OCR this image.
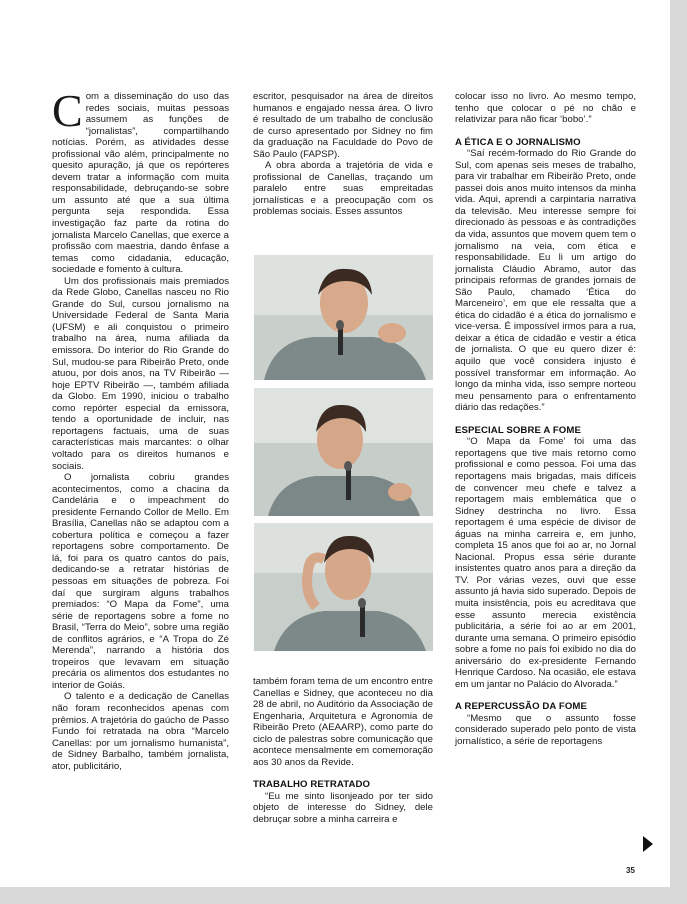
Com a disseminação do uso das redes sociais, muitas pessoas assumem as funções de “jornalistas”, compartilhando notícias. Porém, as atividades desse profissional vão além, principalmente no quesito apuração, já que os repórteres devem tratar a informação com muita responsabilidade, debruçando-se sobre um assunto até que a sua última pergunta seja respondida. Essa investigação faz parte da rotina do jornalista Marcelo Canellas, que exerce a profissão com maestria, dando ênfase a temas como cidadania, educação, sociedade e fomento à cultura.

Um dos profissionais mais premiados da Rede Globo, Canellas nasceu no Rio Grande do Sul, cursou jornalismo na Universidade Federal de Santa Maria (UFSM) e ali conquistou o primeiro trabalho na área, numa afiliada da emissora. Do interior do Rio Grande do Sul, mudou-se para Ribeirão Preto, onde atuou, por dois anos, na TV Ribeirão — hoje EPTV Ribeirão —, também afiliada da Globo. Em 1990, iniciou o trabalho como repórter especial da emissora, tendo a oportunidade de incluir, nas reportagens factuais, uma de suas características mais marcantes: o olhar voltado para os direitos humanos e sociais.

O jornalista cobriu grandes acontecimentos, como a chacina da Candelária e o impeachment do presidente Fernando Collor de Mello. Em Brasília, Canellas não se adaptou com a cobertura política e começou a fazer reportagens sobre comportamento. De lá, foi para os quatro cantos do país, dedicando-se a retratar histórias de pessoas em situações de pobreza. Foi daí que surgiram alguns trabalhos premiados: “O Mapa da Fome”, uma série de reportagens sobre a fome no Brasil, “Terra do Meio”, sobre uma região de conflitos agrários, e “A Tropa do Zé Merenda”, narrando a história dos tropeiros que levavam em situação precária os alimentos dos estudantes no interior de Goiás.

O talento e a dedicação de Canellas não foram reconhecidos apenas com prêmios. A trajetória do gaúcho de Passo Fundo foi retratada na obra “Marcelo Canellas: por um jornalismo humanista”, de Sidney Barbalho, também jornalista, ator, publicitário,

escritor, pesquisador na área de direitos humanos e engajado nessa área. O livro é resultado de um trabalho de conclusão de curso apresentado por Sidney no fim da graduação na Faculdade do Povo de São Paulo (FAPSP).

A obra aborda a trajetória de vida e profissional de Canellas, traçando um paralelo entre suas empreitadas jornalísticas e a preocupação com os problemas sociais. Esses assuntos

também foram tema de um encontro entre Canellas e Sidney, que aconteceu no dia 28 de abril, no Auditório da Associação de Engenharia, Arquitetura e Agronomia de Ribeirão Preto (AEAARP), como parte do ciclo de palestras sobre comunicação que acontece mensalmente em comemoração aos 30 anos da Revide.

TRABALHO RETRATADO

“Eu me sinto lisonjeado por ter sido objeto de interesse do Sidney, dele debruçar sobre a minha carreira e

colocar isso no livro. Ao mesmo tempo, tenho que colocar o pé no chão e relativizar para não ficar ‘bobo’.”

A ÉTICA E O JORNALISMO

“Saí recém-formado do Rio Grande do Sul, com apenas seis meses de trabalho, para vir trabalhar em Ribeirão Preto, onde passei dois anos muito intensos da minha vida. Aqui, aprendi a carpintaria narrativa da televisão. Meu interesse sempre foi direcionado às pessoas e às contradições da vida, assuntos que movem quem tem o jornalismo na veia, com ética e responsabilidade. Eu li um artigo do jornalista Cláudio Abramo, autor das principais reformas de grandes jornais de São Paulo, chamado ‘Ética do Marceneiro’, em que ele ressalta que a ética do cidadão é a ética do jornalismo e vice-versa. É impossível irmos para a rua, deixar a ética de cidadão e vestir a ética de jornalista. O que eu quero dizer é: aquilo que você considera injusto é possível transformar em informação. Ao longo da minha vida, isso sempre norteou meu pensamento para o enfrentamento diário das redações.”

ESPECIAL SOBRE A FOME

“O Mapa da Fome’ foi uma das reportagens que tive mais retorno como profissional e como pessoa. Foi uma das reportagens mais brigadas, mais difíceis de convencer meu chefe e talvez a reportagem mais emblemática que o Sidney destrincha no livro. Essa reportagem é uma espécie de divisor de águas na minha carreira e, em junho, completa 15 anos que foi ao ar, no Jornal Nacional. Propus essa série durante insistentes quatro anos para a direção da TV. Por várias vezes, ouvi que esse assunto já havia sido superado. Depois de muita insistência, pois eu acreditava que esse assunto merecia existência publicitária, a série foi ao ar em 2001, durante uma semana. O primeiro episódio sobre a fome no país foi exibido no dia do aniversário do ex-presidente Fernando Henrique Cardoso. Na ocasião, ele estava em um jantar no Palácio do Alvorada.”

A REPERCUSSÃO DA FOME

“Mesmo que o assunto fosse considerado superado pelo ponto de vista jornalístico, a série de reportagens

35
